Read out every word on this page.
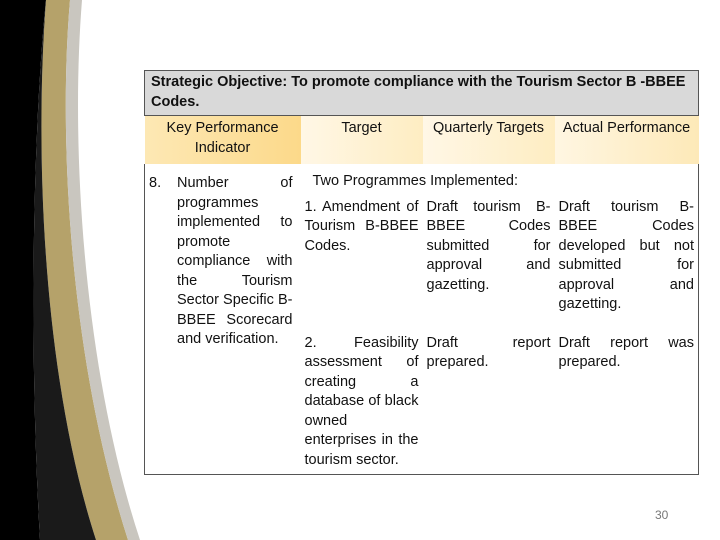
Strategic Objective: To promote compliance with the Tourism Sector B -BBEE Codes.			
Key Performance Indicator	Target	Quarterly Targets	Actual Performance

8. Number of programmes implemented to promote compliance with the Tourism Sector Specific B-BBEE Scorecard and verification.	Two Programmes Implemented:		
	1. Amendment of Tourism B-BBEE Codes.	Draft tourism B-BBEE Codes submitted for approval and gazetting.	Draft tourism B-BBEE Codes developed but not submitted for approval and gazetting.
	2. Feasibility assessment of creating a database of black owned enterprises in the tourism sector.	Draft report prepared.	Draft report was prepared.
30
